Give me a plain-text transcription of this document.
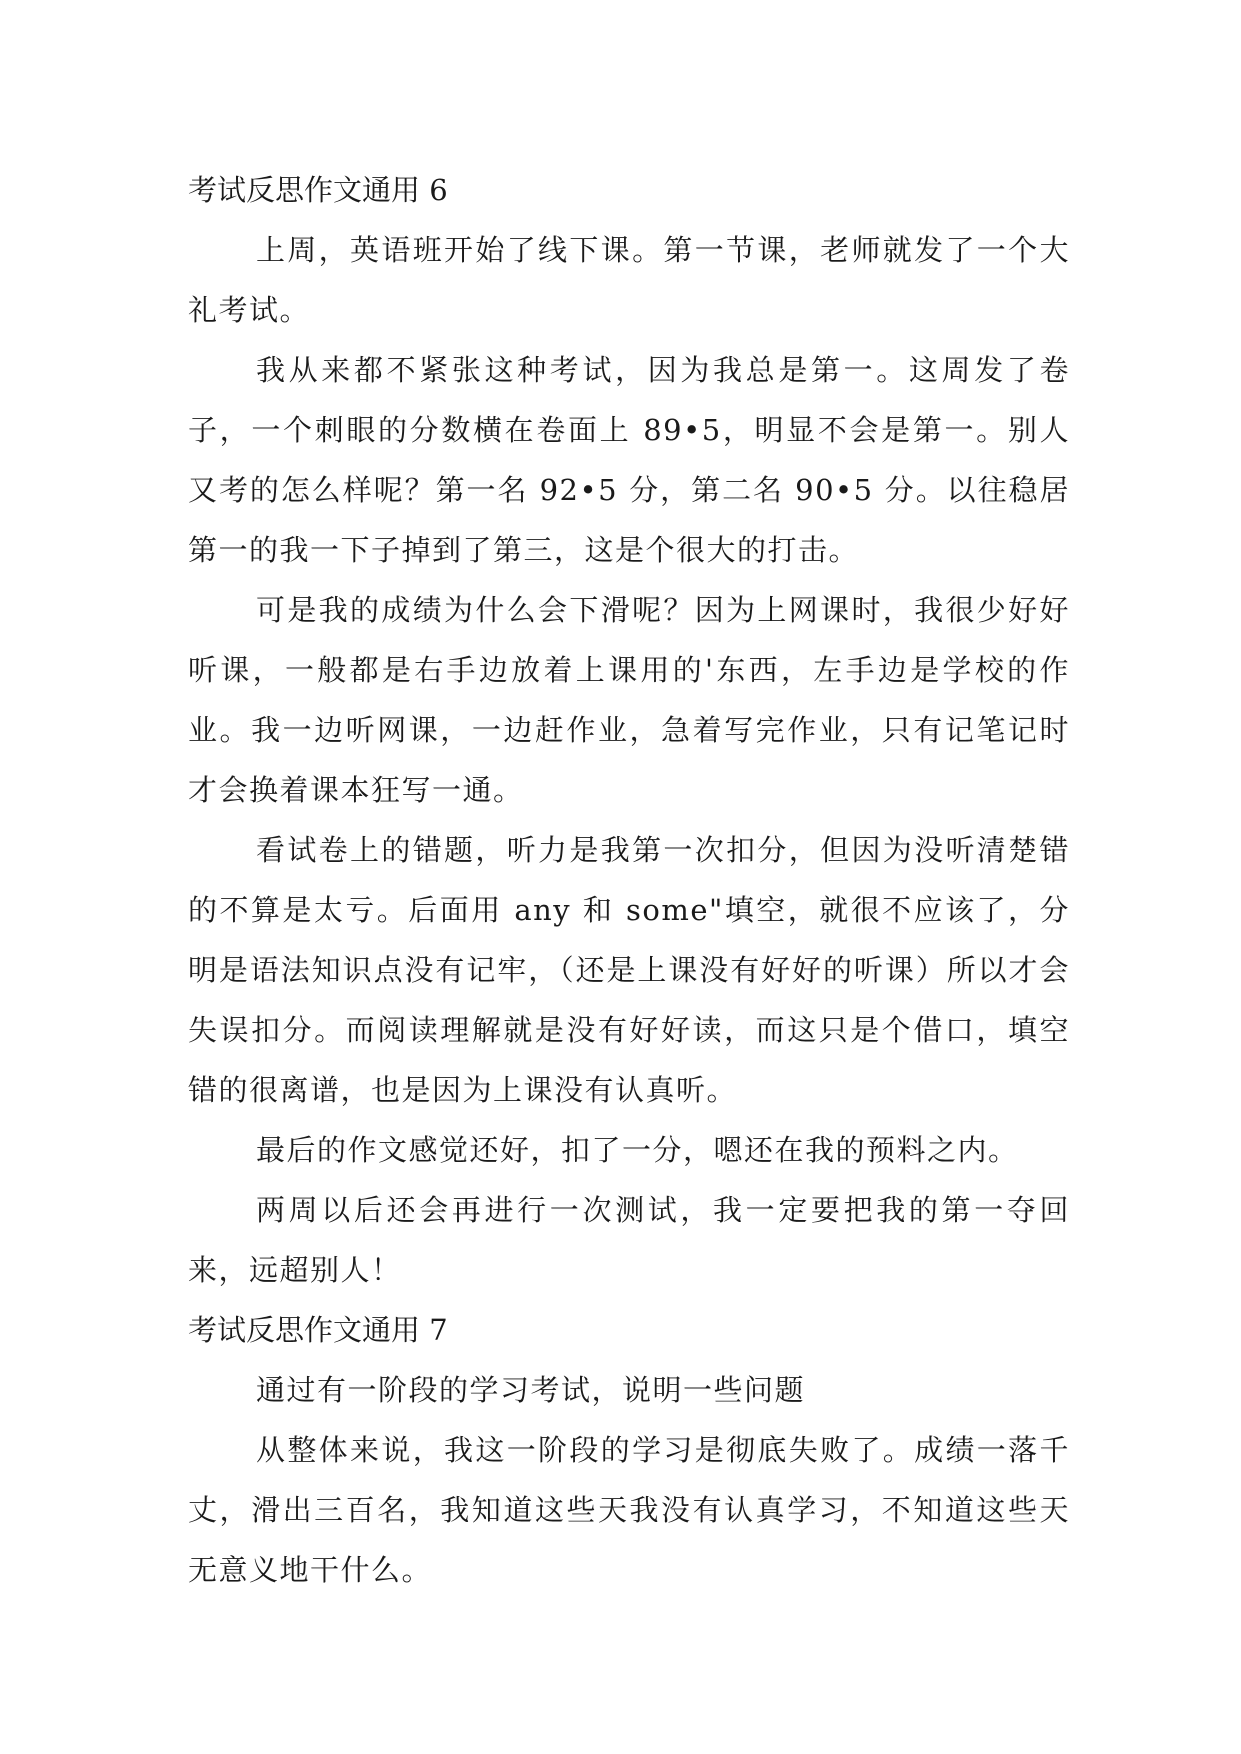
考试反思作文通用 6

上周，英语班开始了线下课。第一节课，老师就发了一个大礼考试。

我从来都不紧张这种考试，因为我总是第一。这周发了卷子，一个刺眼的分数横在卷面上 89•5，明显不会是第一。别人又考的怎么样呢？第一名 92•5 分，第二名 90•5 分。以往稳居第一的我一下子掉到了第三，这是个很大的打击。

可是我的成绩为什么会下滑呢？因为上网课时，我很少好好听课，一般都是右手边放着上课用的'东西，左手边是学校的作业。我一边听网课，一边赶作业，急着写完作业，只有记笔记时才会换着课本狂写一通。

看试卷上的错题，听力是我第一次扣分，但因为没听清楚错的不算是太亏。后面用 any 和 some"填空，就很不应该了，分明是语法知识点没有记牢，（还是上课没有好好的听课）所以才会失误扣分。而阅读理解就是没有好好读，而这只是个借口，填空错的很离谱，也是因为上课没有认真听。

最后的作文感觉还好，扣了一分，嗯还在我的预料之内。

两周以后还会再进行一次测试，我一定要把我的第一夺回来，远超别人！

考试反思作文通用 7

通过有一阶段的学习考试，说明一些问题

从整体来说，我这一阶段的学习是彻底失败了。成绩一落千丈，滑出三百名，我知道这些天我没有认真学习，不知道这些天无意义地干什么。
